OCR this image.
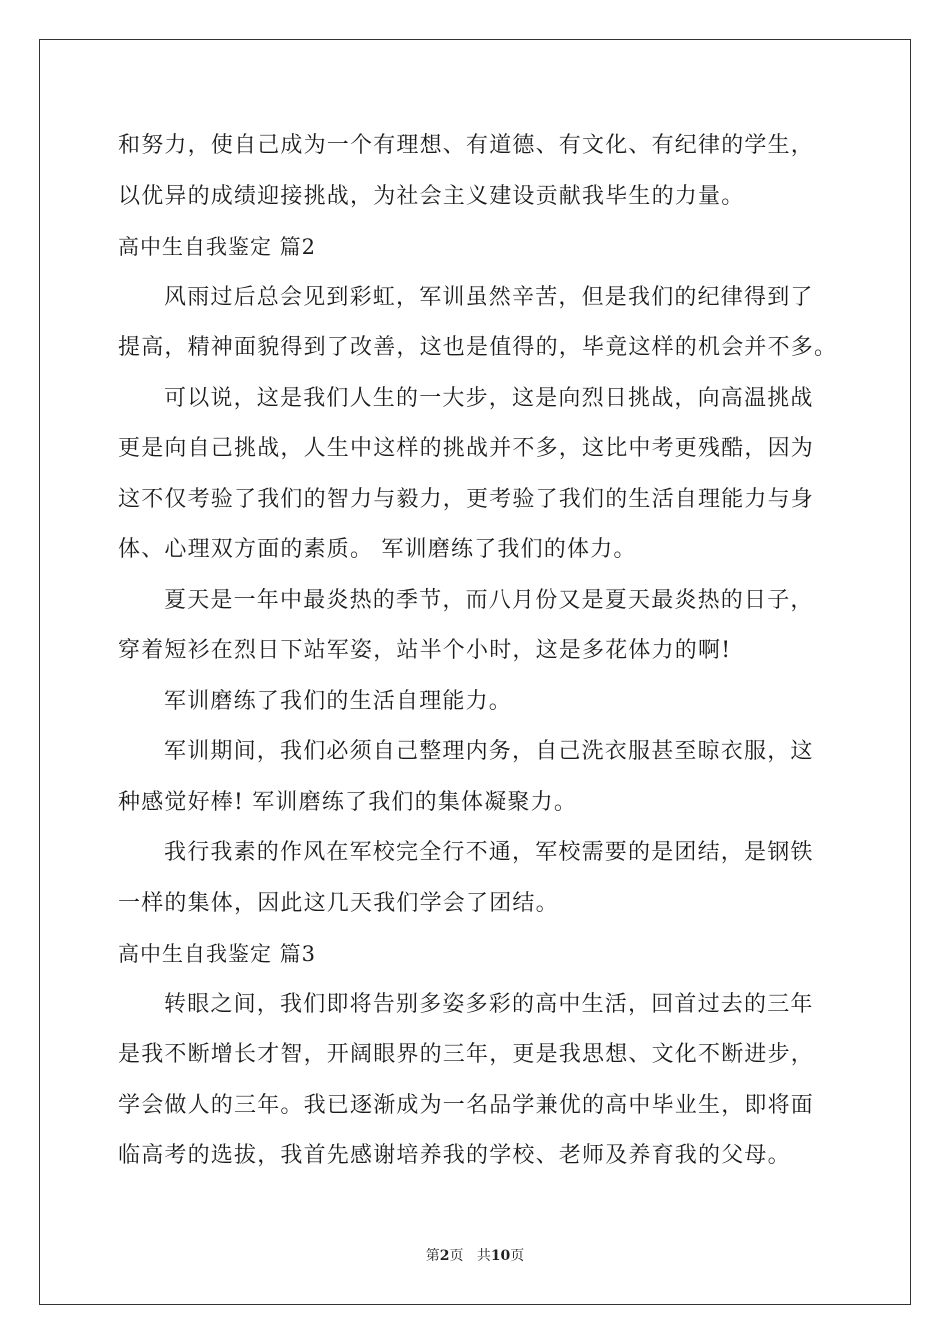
和努力，使自己成为一个有理想、有道德、有文化、有纪律的学生，
以优异的成绩迎接挑战，为社会主义建设贡献我毕生的力量。
高中生自我鉴定 篇2
风雨过后总会见到彩虹，军训虽然辛苦，但是我们的纪律得到了
提高，精神面貌得到了改善，这也是值得的，毕竟这样的机会并不多。
可以说，这是我们人生的一大步，这是向烈日挑战，向高温挑战
更是向自己挑战，人生中这样的挑战并不多，这比中考更残酷，因为
这不仅考验了我们的智力与毅力，更考验了我们的生活自理能力与身
体、心理双方面的素质。 军训磨练了我们的体力。
夏天是一年中最炎热的季节，而八月份又是夏天最炎热的日子，
穿着短衫在烈日下站军姿，站半个小时，这是多花体力的啊!
军训磨练了我们的生活自理能力。
军训期间，我们必须自己整理内务，自己洗衣服甚至晾衣服，这
种感觉好棒! 军训磨练了我们的集体凝聚力。
我行我素的作风在军校完全行不通，军校需要的是团结，是钢铁
一样的集体，因此这几天我们学会了团结。
高中生自我鉴定 篇3
转眼之间，我们即将告别多姿多彩的高中生活，回首过去的三年
是我不断增长才智，开阔眼界的三年，更是我思想、文化不断进步，
学会做人的三年。我已逐渐成为一名品学兼优的高中毕业生，即将面
临高考的选拔，我首先感谢培养我的学校、老师及养育我的父母。
第2页 共10页
